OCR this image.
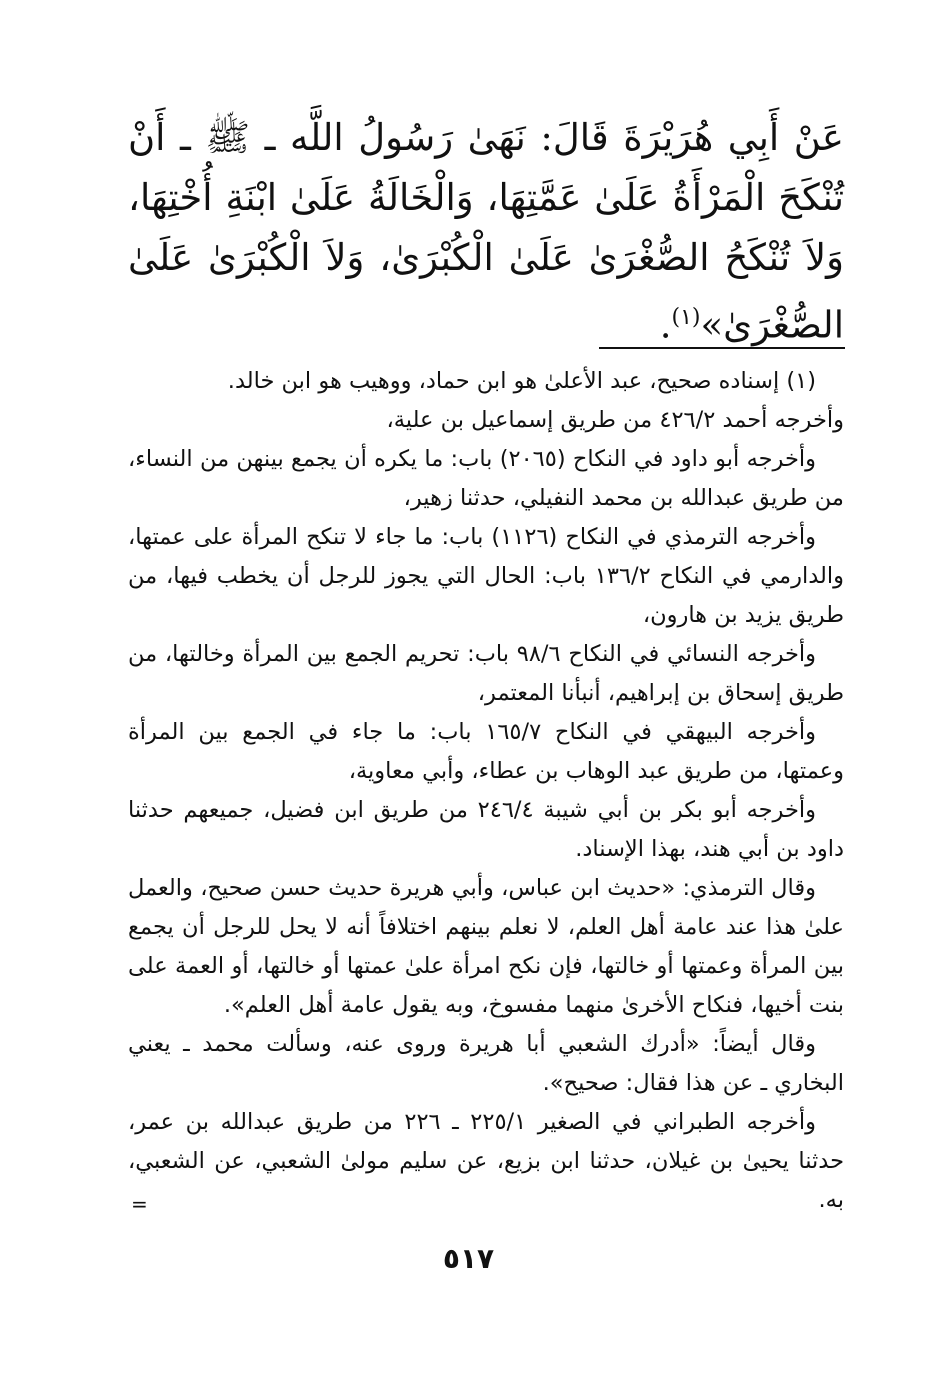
عَنْ أَبِي هُرَيْرَةَ قَالَ: نَهَىٰ رَسُولُ اللَّه ـ ﷺ ـ أَنْ تُنْكَحَ الْمَرْأَةُ عَلَىٰ عَمَّتِهَا، وَالْخَالَةُ عَلَىٰ ابْنَةِ أُخْتِهَا، وَلاَ تُنْكَحُ الصُّغْرَىٰ عَلَىٰ الْكُبْرَىٰ، وَلاَ الْكُبْرَىٰ عَلَىٰ الصُّغْرَىٰ»$^{(١)}$.

(١) إسناده صحيح، عبد الأعلىٰ هو ابن حماد، ووهيب هو ابن خالد.

وأخرجه أحمد ٤٢٦/٢ من طريق إسماعيل بن علية،

وأخرجه أبو داود في النكاح (٢٠٦٥) باب: ما يكره أن يجمع بينهن من النساء، من طريق عبدالله بن محمد النفيلي، حدثنا زهير،

وأخرجه الترمذي في النكاح (١١٢٦) باب: ما جاء لا تنكح المرأة على عمتها، والدارمي في النكاح ١٣٦/٢ باب: الحال التي يجوز للرجل أن يخطب فيها، من طريق يزيد بن هارون،

وأخرجه النسائي في النكاح ٩٨/٦ باب: تحريم الجمع بين المرأة وخالتها، من طريق إسحاق بن إبراهيم، أنبأنا المعتمر،

وأخرجه البيهقي في النكاح ١٦٥/٧ باب: ما جاء في الجمع بين المرأة وعمتها، من طريق عبد الوهاب بن عطاء، وأبي معاوية،

وأخرجه أبو بكر بن أبي شيبة ٢٤٦/٤ من طريق ابن فضيل، جميعهم حدثنا داود بن أبي هند، بهذا الإسناد.

وقال الترمذي: «حديث ابن عباس، وأبي هريرة حديث حسن صحيح، والعمل علىٰ هذا عند عامة أهل العلم، لا نعلم بينهم اختلافاً أنه لا يحل للرجل أن يجمع بين المرأة وعمتها أو خالتها، فإن نكح امرأة علىٰ عمتها أو خالتها، أو العمة على بنت أخيها، فنكاح الأخرىٰ منهما مفسوخ، وبه يقول عامة أهل العلم».

وقال أيضاً: «أدرك الشعبي أبا هريرة وروى عنه، وسألت محمد ـ يعني البخاري ـ عن هذا فقال: صحيح».

وأخرجه الطبراني في الصغير ٢٢٥/١ ـ ٢٢٦ من طريق عبدالله بن عمر، حدثنا يحيىٰ بن غيلان، حدثنا ابن بزيع، عن سليم مولىٰ الشعبي، عن الشعبي، به.

=
٥١٧
